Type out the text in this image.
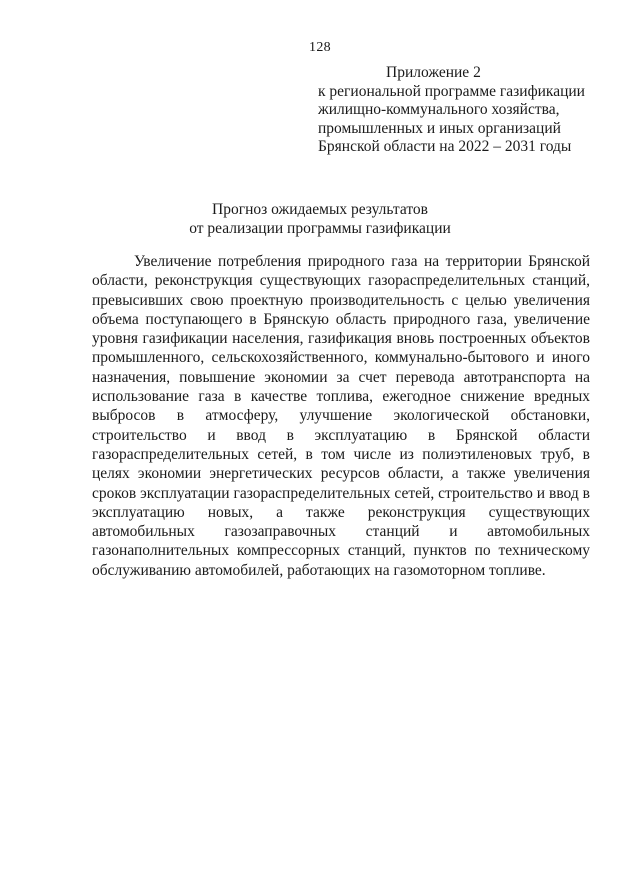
128
Приложение 2
к региональной программе газификации
жилищно-коммунального хозяйства,
промышленных и иных организаций
Брянской области на 2022 – 2031 годы
Прогноз ожидаемых результатов
от реализации программы газификации

Увеличение потребления природного газа на территории Брянской области, реконструкция существующих газораспределительных станций, превысивших свою проектную производительность с целью увеличения объема поступающего в Брянскую область природного газа, увеличение уровня газификации населения, газификация вновь построенных объектов промышленного, сельскохозяйственного, коммунально-бытового и иного назначения, повышение экономии за счет перевода автотранспорта на использование газа в качестве топлива, ежегодное снижение вредных выбросов в атмосферу, улучшение экологической обстановки, строительство и ввод в эксплуатацию в Брянской области газораспределительных сетей, в том числе из полиэтиленовых труб, в целях экономии энергетических ресурсов области, а также увеличения сроков эксплуатации газораспределительных сетей, строительство и ввод в эксплуатацию новых, а также реконструкция существующих автомобильных газозаправочных станций и автомобильных газонаполнительных компрессорных станций, пунктов по техническому обслуживанию автомобилей, работающих на газомоторном топливе.
